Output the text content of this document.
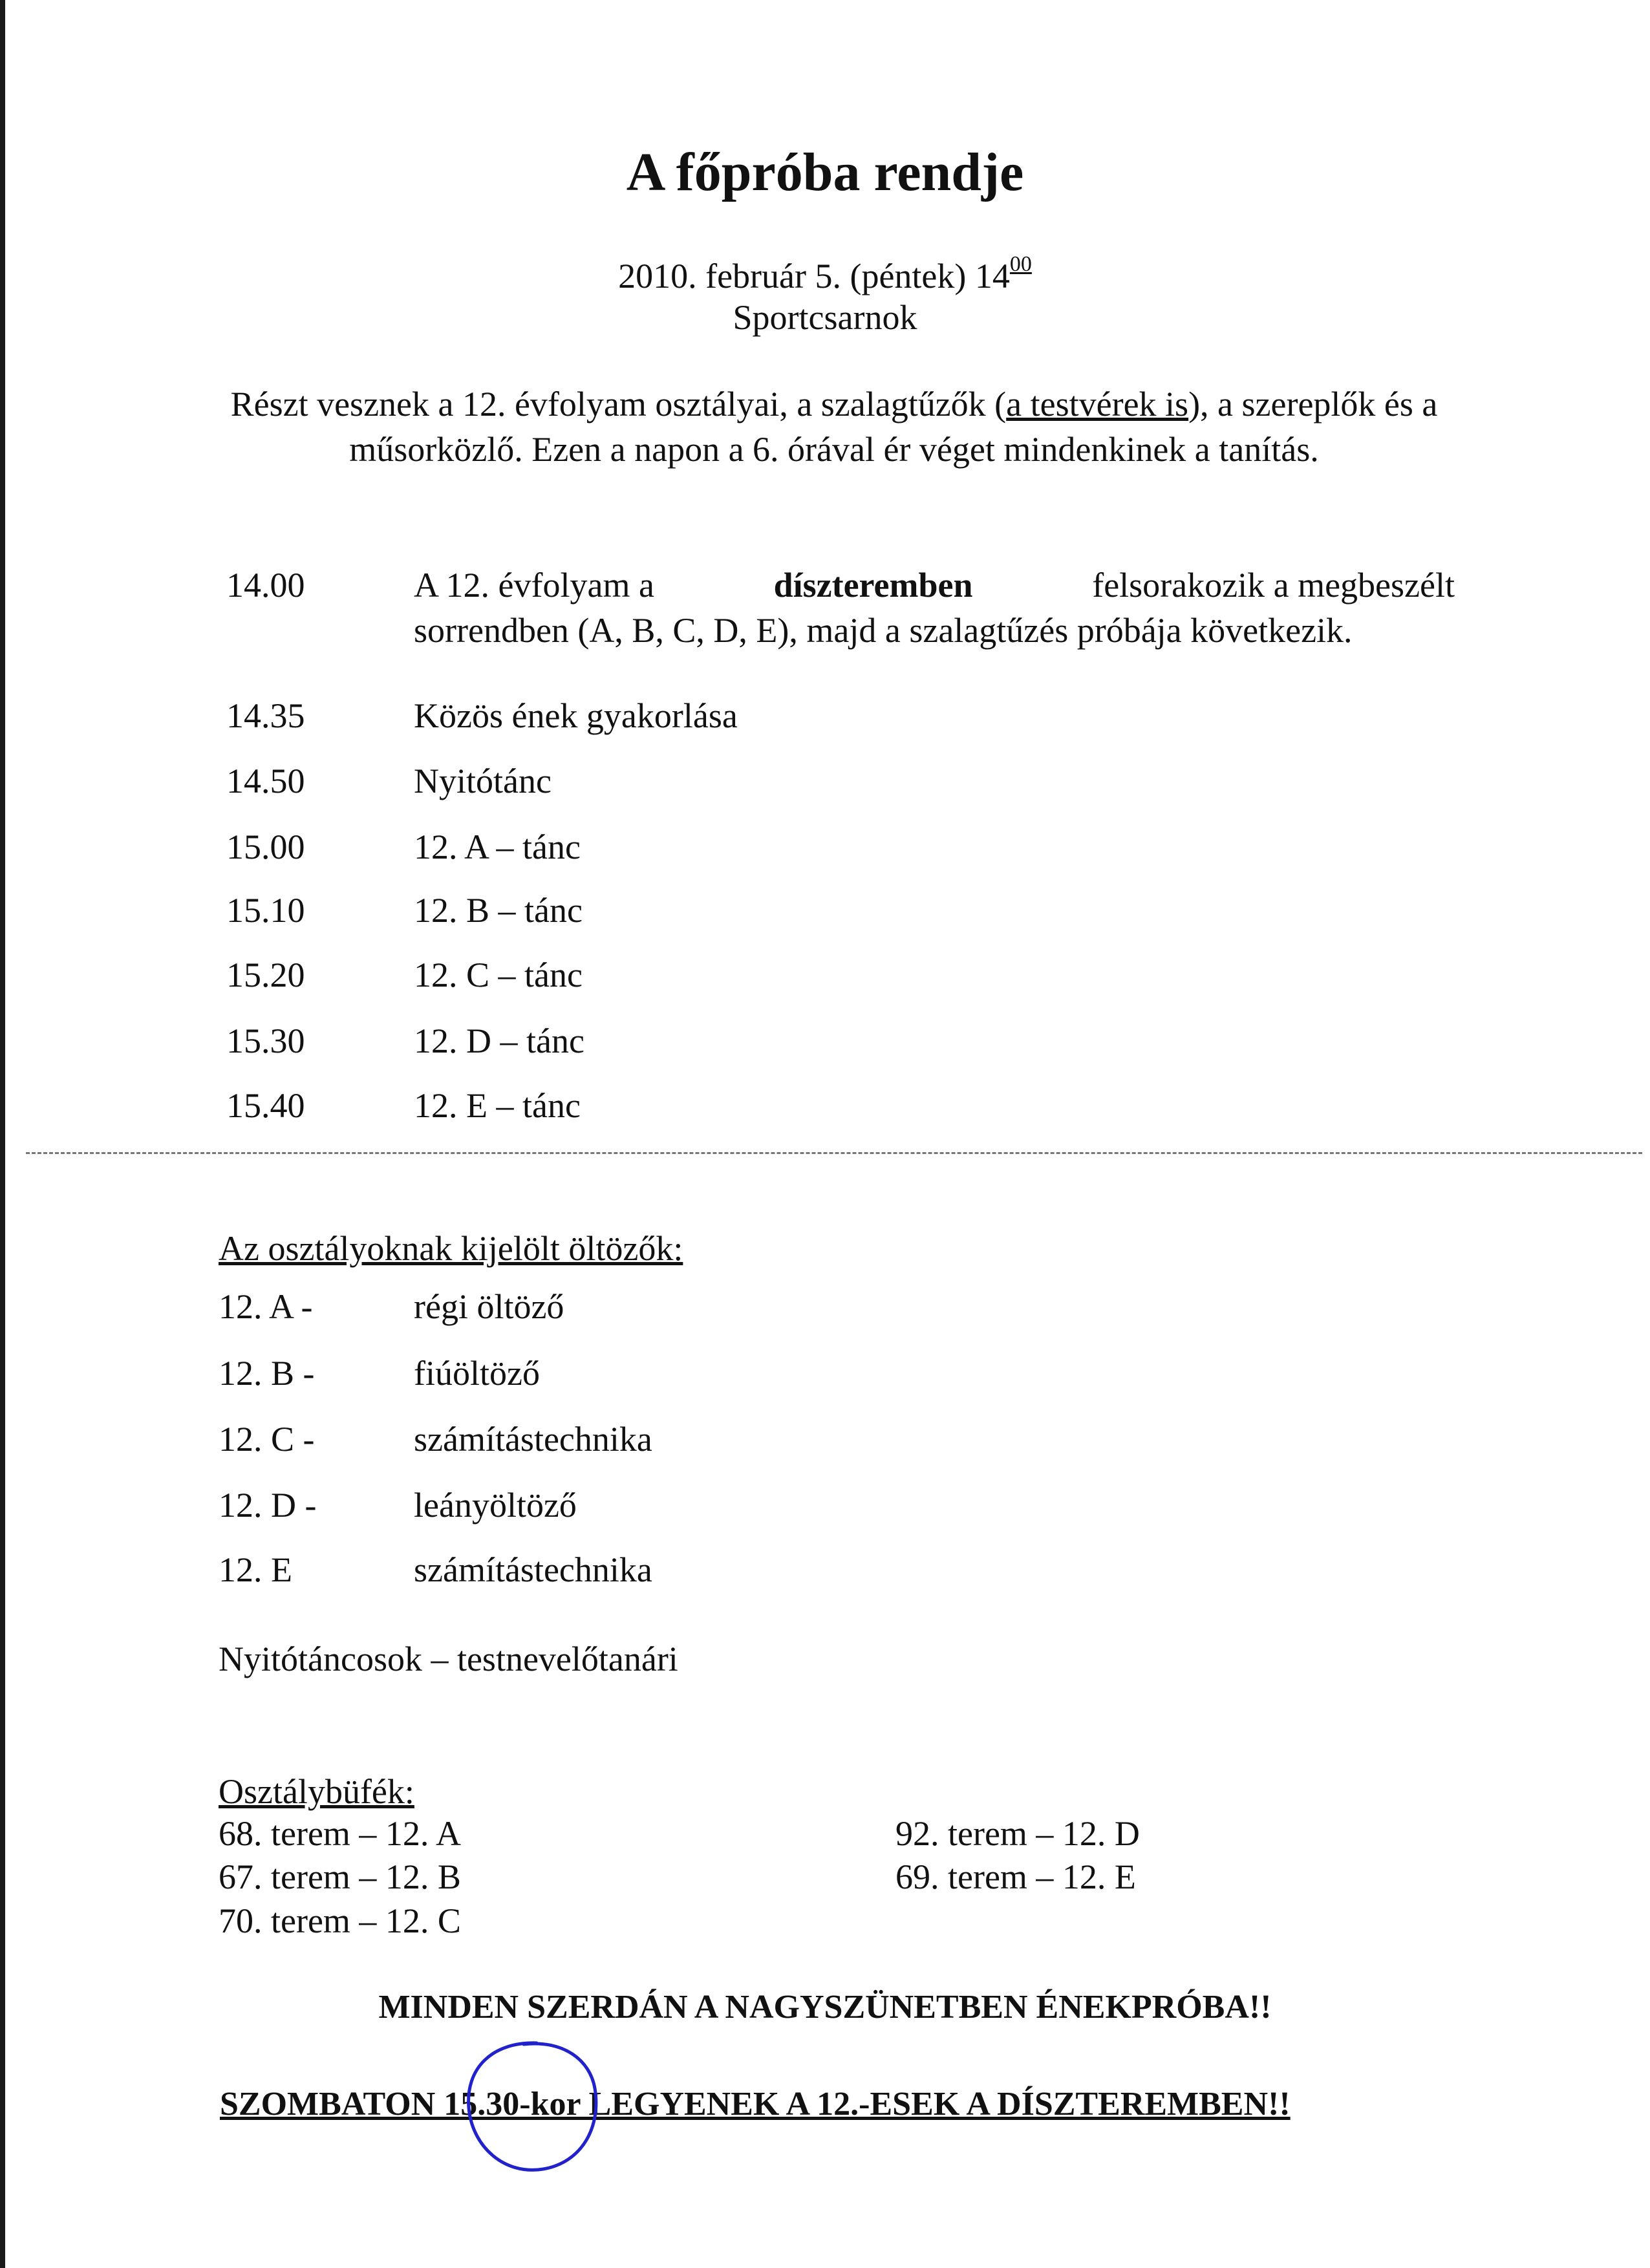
A főpróba rendje

2010. február 5. (péntek) $14^{00}$

Sportcsarnok

Részt vesznek a 12. évfolyam osztályai, a szalagtűzők (a testvérek is), a szereplők és a műsorközlő. Ezen a napon a 6. órával ér véget mindenkinek a tanítás.

14.00	A 12. évfolyam a	díszteremben	felsorakozik a megbeszélt
sorrendben (A, B, C, D, E), majd a szalagtűzés próbája következik.
14.35	Közös ének gyakorlása
14.50	Nyitótánc
15.00	12. A – tánc
15.10	12. B – tánc
15.20	12. C – tánc
15.30	12. D – tánc
15.40	12. E – tánc

Az osztályoknak kijelölt öltözők:

12. A -	régi öltöző
12. B -	fiúöltöző
12. C -	számítástechnika
12. D -	leányöltöző
12. E	számítástechnika
Nyitótáncosok – testnevelőtanári

Osztálybüfék:

68. terem – 12. A
67. terem – 12. B
70. terem – 12. C
92. terem – 12. D
69. terem – 12. E

MINDEN SZERDÁN A NAGYSZÜNETBEN ÉNEKPRÓBA!!

SZOMBATON 15.30-kor LEGYENEK A 12.-ESEK A DÍSZTEREMBEN!!
